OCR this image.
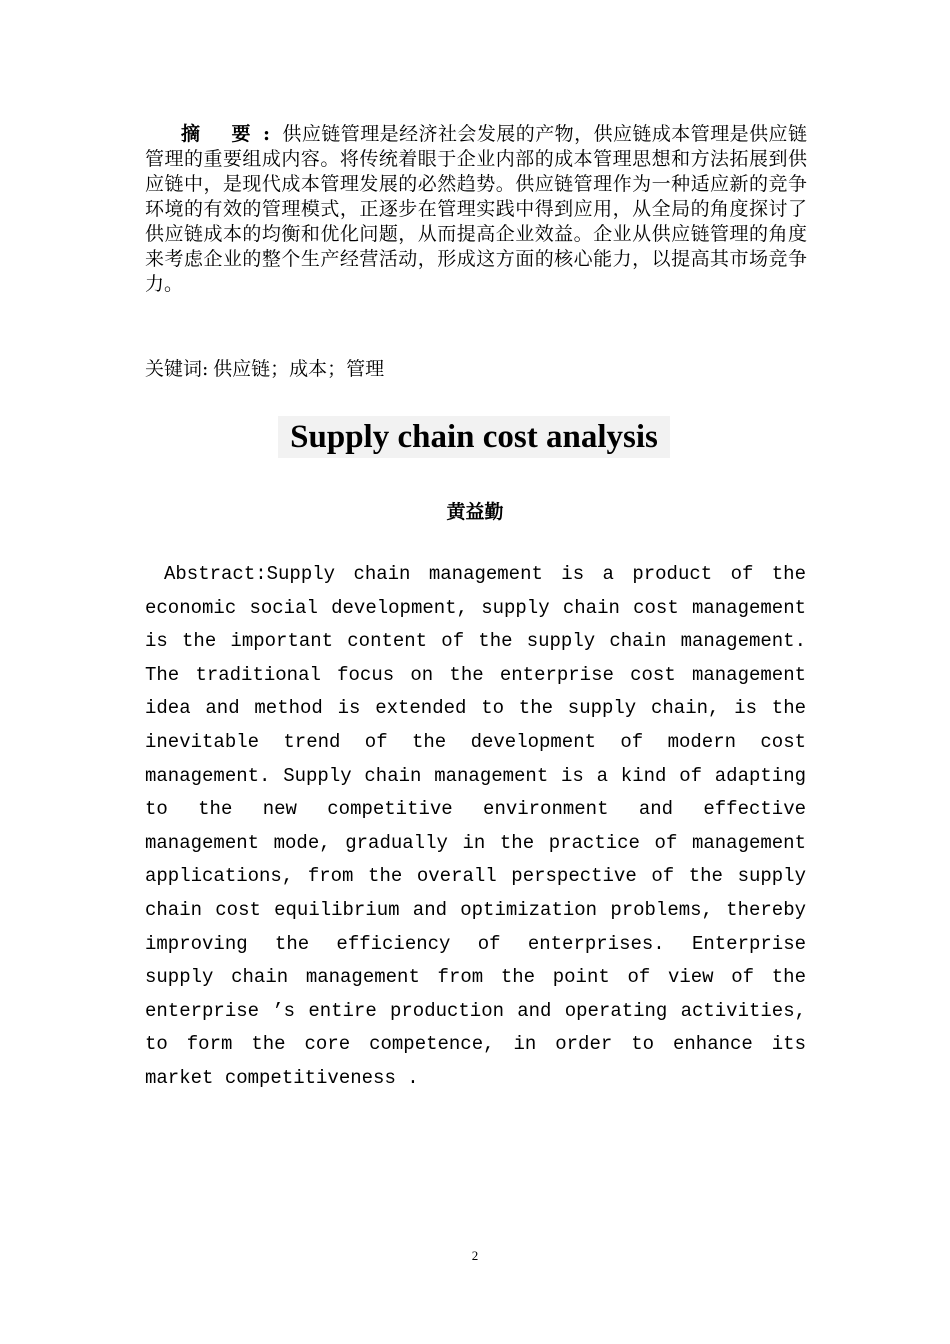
摘 要:供应链管理是经济社会发展的产物，供应链成本管理是供应链管理的重要组成内容。将传统着眼于企业内部的成本管理思想和方法拓展到供应链中，是现代成本管理发展的必然趋势。供应链管理作为一种适应新的竞争环境的有效的管理模式，正逐步在管理实践中得到应用，从全局的角度探讨了供应链成本的均衡和优化问题，从而提高企业效益。企业从供应链管理的角度来考虑企业的整个生产经营活动，形成这方面的核心能力，以提高其市场竞争力。

关键词: 供应链；成本；管理

Supply chain cost analysis

黄益勤

Abstract:Supply chain management is a product of the economic social development, supply chain cost management is the important content of the supply chain management. The traditional focus on the enterprise cost management idea and method is extended to the supply chain, is the inevitable trend of the development of modern cost management. Supply chain management is a kind of adapting to the new competitive environment and effective management mode, gradually in the practice of management applications, from the overall perspective of the supply chain cost equilibrium and optimization problems, thereby improving the efficiency of enterprises. Enterprise supply chain management from the point of view of the enterprise ’s entire production and operating activities, to form the core competence, in order to enhance its market competitiveness .

2
